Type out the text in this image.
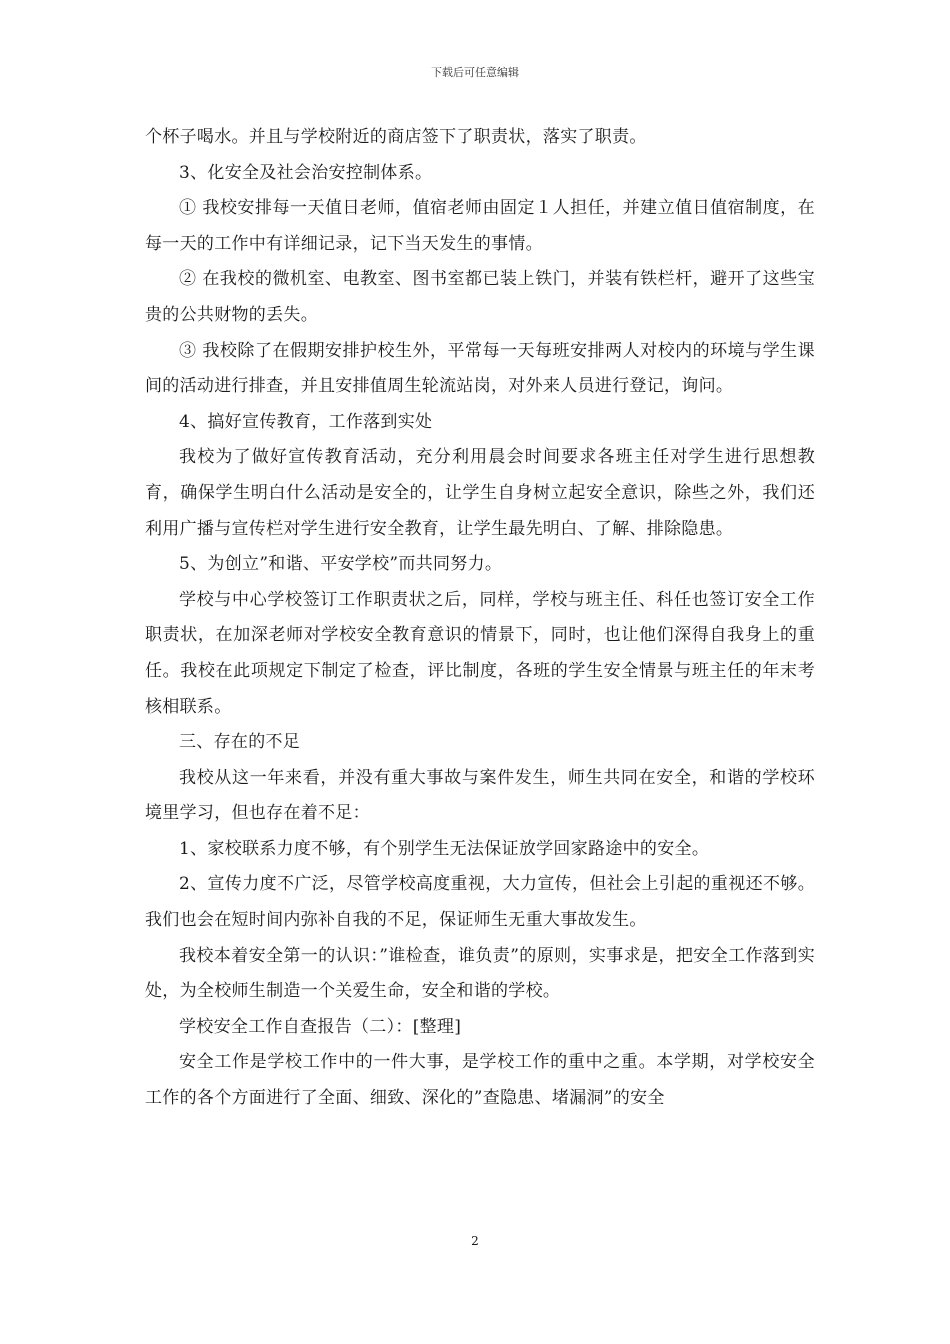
下载后可任意编辑

个杯子喝水。并且与学校附近的商店签下了职责状，落实了职责。

3、化安全及社会治安控制体系。

① 我校安排每一天值日老师，值宿老师由固定１人担任，并建立值日值宿制度，在每一天的工作中有详细记录，记下当天发生的事情。

② 在我校的微机室、电教室、图书室都已装上铁门，并装有铁栏杆，避开了这些宝贵的公共财物的丢失。

③ 我校除了在假期安排护校生外，平常每一天每班安排两人对校内的环境与学生课间的活动进行排查，并且安排值周生轮流站岗，对外来人员进行登记，询问。

4、搞好宣传教育，工作落到实处

我校为了做好宣传教育活动，充分利用晨会时间要求各班主任对学生进行思想教育，确保学生明白什么活动是安全的，让学生自身树立起安全意识，除些之外，我们还利用广播与宣传栏对学生进行安全教育，让学生最先明白、了解、排除隐患。

5、为创立”和谐、平安学校”而共同努力。

学校与中心学校签订工作职责状之后，同样，学校与班主任、科任也签订安全工作职责状，在加深老师对学校安全教育意识的情景下，同时，也让他们深得自我身上的重任。我校在此项规定下制定了检查，评比制度，各班的学生安全情景与班主任的年末考核相联系。

三、存在的不足

我校从这一年来看，并没有重大事故与案件发生，师生共同在安全，和谐的学校环境里学习，但也存在着不足：

1、家校联系力度不够，有个别学生无法保证放学回家路途中的安全。

2、宣传力度不广泛，尽管学校高度重视，大力宣传，但社会上引起的重视还不够。我们也会在短时间内弥补自我的不足，保证师生无重大事故发生。

我校本着安全第一的认识：”谁检查，谁负责”的原则，实事求是，把安全工作落到实处，为全校师生制造一个关爱生命，安全和谐的学校。

学校安全工作自查报告（二）：[整理]

安全工作是学校工作中的一件大事，是学校工作的重中之重。本学期，对学校安全工作的各个方面进行了全面、细致、深化的”查隐患、堵漏洞”的安全

2
